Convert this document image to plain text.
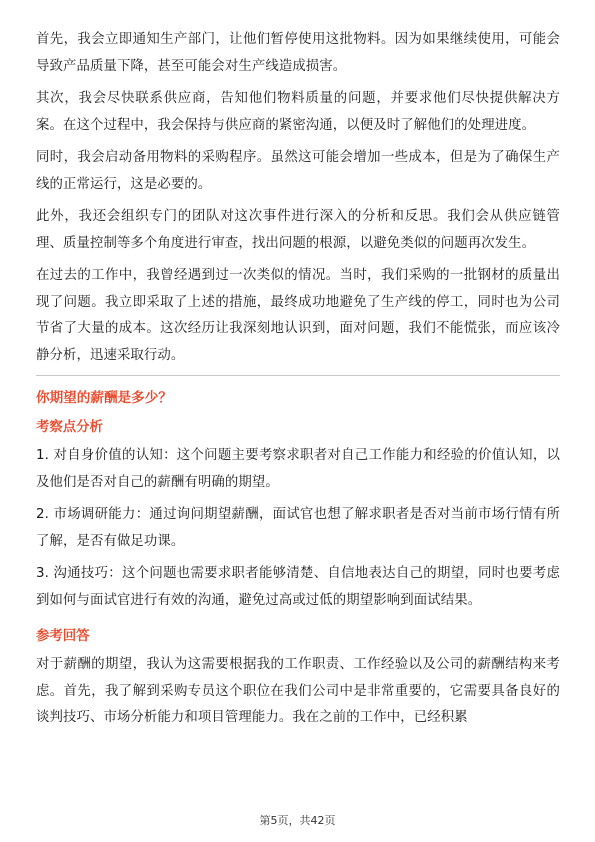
首先，我会立即通知生产部门，让他们暂停使用这批物料。因为如果继续使用，可能会导致产品质量下降，甚至可能会对生产线造成损害。

其次，我会尽快联系供应商，告知他们物料质量的问题，并要求他们尽快提供解决方案。在这个过程中，我会保持与供应商的紧密沟通，以便及时了解他们的处理进度。

同时，我会启动备用物料的采购程序。虽然这可能会增加一些成本，但是为了确保生产线的正常运行，这是必要的。

此外，我还会组织专门的团队对这次事件进行深入的分析和反思。我们会从供应链管理、质量控制等多个角度进行审查，找出问题的根源，以避免类似的问题再次发生。

在过去的工作中，我曾经遇到过一次类似的情况。当时，我们采购的一批钢材的质量出现了问题。我立即采取了上述的措施，最终成功地避免了生产线的停工，同时也为公司节省了大量的成本。这次经历让我深刻地认识到，面对问题，我们不能慌张，而应该冷静分析，迅速采取行动。

你期望的薪酬是多少？
考察点分析

1. 对自身价值的认知：这个问题主要考察求职者对自己工作能力和经验的价值认知，以及他们是否对自己的薪酬有明确的期望。

2. 市场调研能力：通过询问期望薪酬，面试官也想了解求职者是否对当前市场行情有所了解，是否有做足功课。

3. 沟通技巧：这个问题也需要求职者能够清楚、自信地表达自己的期望，同时也要考虑到如何与面试官进行有效的沟通，避免过高或过低的期望影响到面试结果。

参考回答

对于薪酬的期望，我认为这需要根据我的工作职责、工作经验以及公司的薪酬结构来考虑。首先，我了解到采购专员这个职位在我们公司中是非常重要的，它需要具备良好的谈判技巧、市场分析能力和项目管理能力。我在之前的工作中，已经积累

第5页，共42页
